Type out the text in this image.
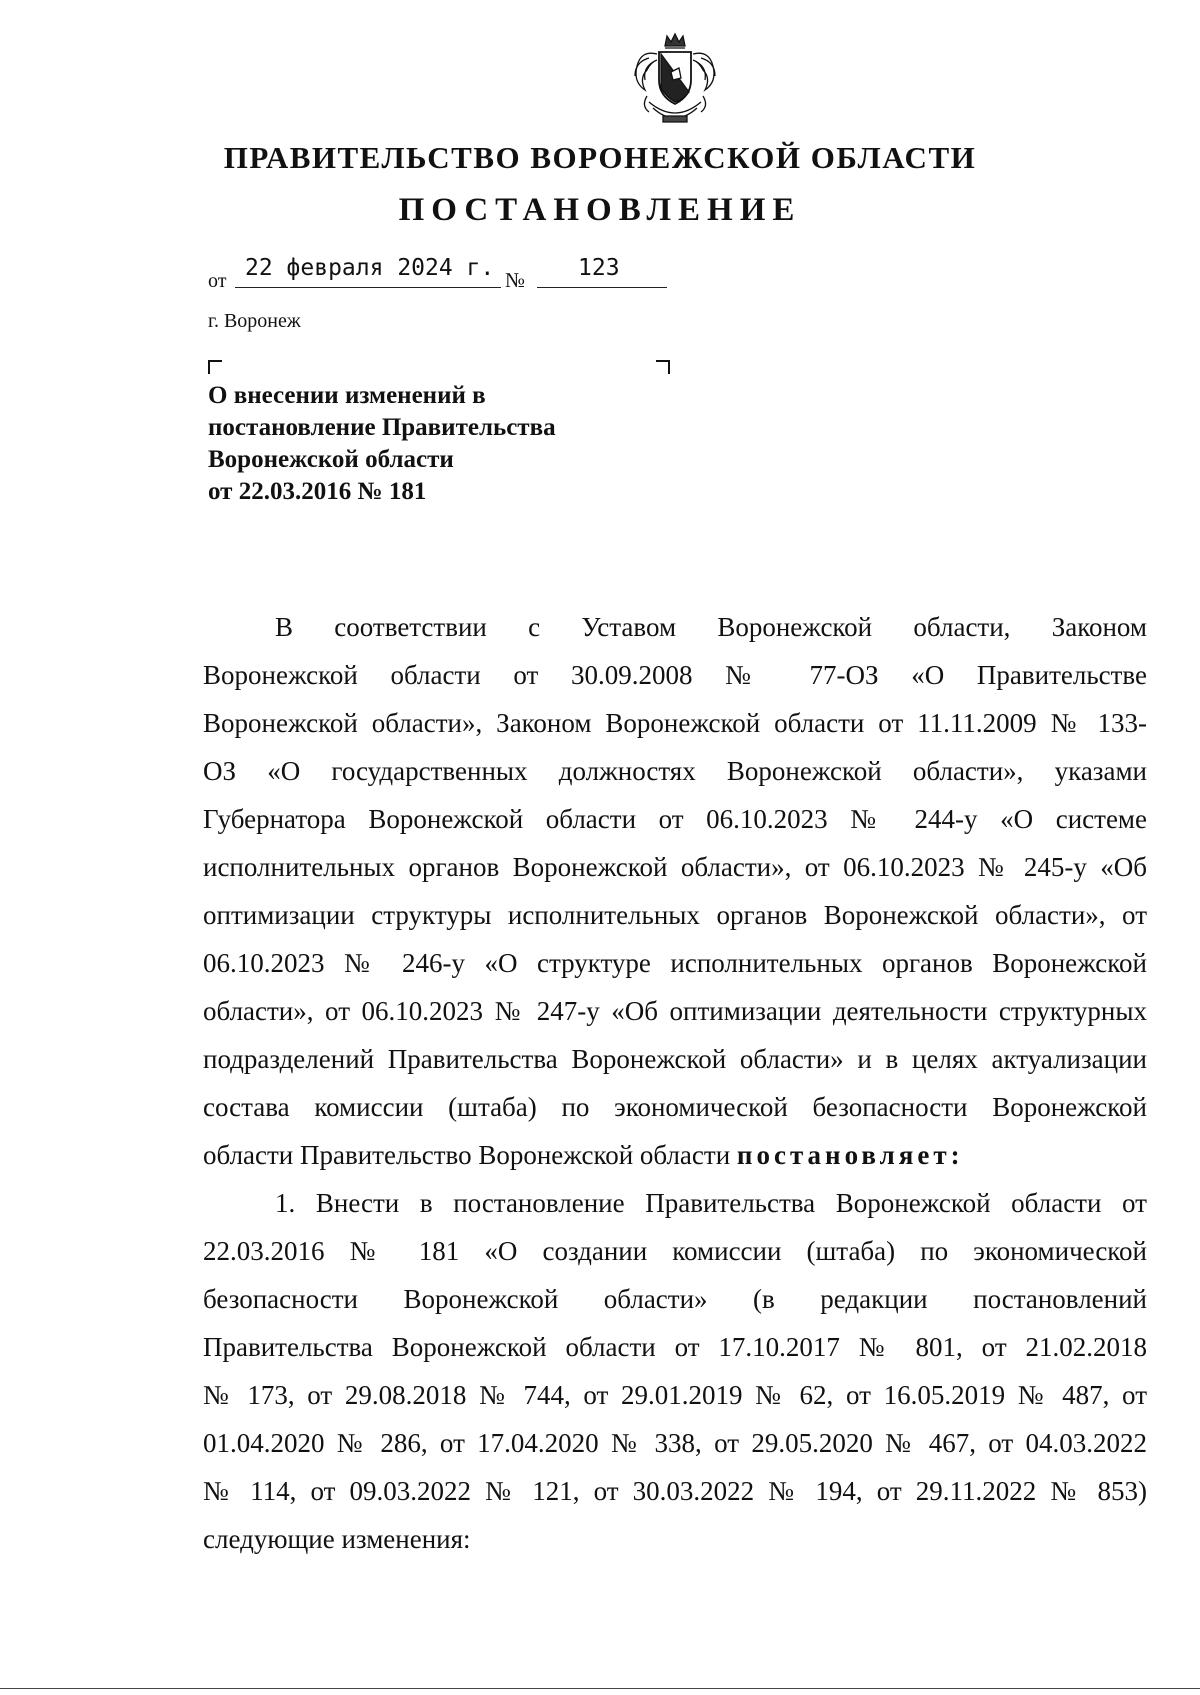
ПРАВИТЕЛЬСТВО ВОРОНЕЖСКОЙ ОБЛАСТИ
ПОСТАНОВЛЕНИЕ
от 22 февраля 2024 г. № 123
г. Воронеж
О внесении изменений в
постановление Правительства
Воронежской области
от 22.03.2016 № 181
В соответствии с Уставом Воронежской области, Законом
Воронежской области от 30.09.2008 № 77-ОЗ «О Правительстве
Воронежской области», Законом Воронежской области от 11.11.2009 № 133-
ОЗ «О государственных должностях Воронежской области», указами
Губернатора Воронежской области от 06.10.2023 № 244-у «О системе
исполнительных органов Воронежской области», от 06.10.2023 № 245-у «Об
оптимизации структуры исполнительных органов Воронежской области», от
06.10.2023 № 246-у «О структуре исполнительных органов Воронежской
области», от 06.10.2023 № 247-у «Об оптимизации деятельности структурных
подразделений Правительства Воронежской области» и в целях актуализации
состава комиссии (штаба) по экономической безопасности Воронежской
области Правительство Воронежской области постановляет:
1. Внести в постановление Правительства Воронежской области от
22.03.2016 № 181 «О создании комиссии (штаба) по экономической
безопасности Воронежской области» (в редакции постановлений
Правительства Воронежской области от 17.10.2017 № 801, от 21.02.2018
№ 173, от 29.08.2018 № 744, от 29.01.2019 № 62, от 16.05.2019 № 487, от
01.04.2020 № 286, от 17.04.2020 № 338, от 29.05.2020 № 467, от 04.03.2022
№ 114, от 09.03.2022 № 121, от 30.03.2022 № 194, от 29.11.2022 № 853)
следующие изменения:
